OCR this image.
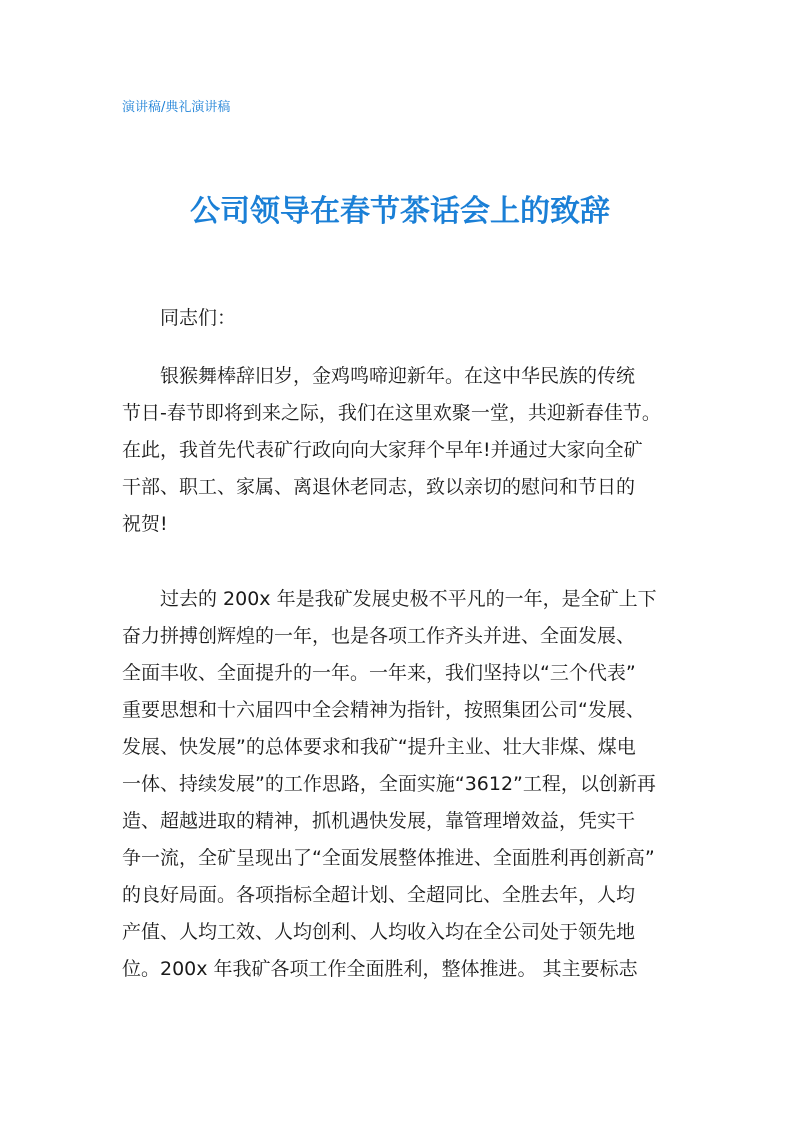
演讲稿/典礼演讲稿
公司领导在春节茶话会上的致辞
同志们：
银猴舞棒辞旧岁，金鸡鸣啼迎新年。在这中华民族的传统
节日-春节即将到来之际，我们在这里欢聚一堂，共迎新春佳节。
在此，我首先代表矿行政向向大家拜个早年!并通过大家向全矿
干部、职工、家属、离退休老同志，致以亲切的慰问和节日的
祝贺!
过去的 200x 年是我矿发展史极不平凡的一年，是全矿上下
奋力拼搏创辉煌的一年，也是各项工作齐头并进、全面发展、
全面丰收、全面提升的一年。一年来，我们坚持以“三个代表”
重要思想和十六届四中全会精神为指针，按照集团公司“发展、
发展、快发展”的总体要求和我矿“提升主业、壮大非煤、煤电
一体、持续发展”的工作思路，全面实施“3612”工程，以创新再
造、超越进取的精神，抓机遇快发展，靠管理增效益，凭实干
争一流，全矿呈现出了“全面发展整体推进、全面胜利再创新高”
的良好局面。各项指标全超计划、全超同比、全胜去年，人均
产值、人均工效、人均创利、人均收入均在全公司处于领先地
位。200x 年我矿各项工作全面胜利，整体推进。 其主要标志
